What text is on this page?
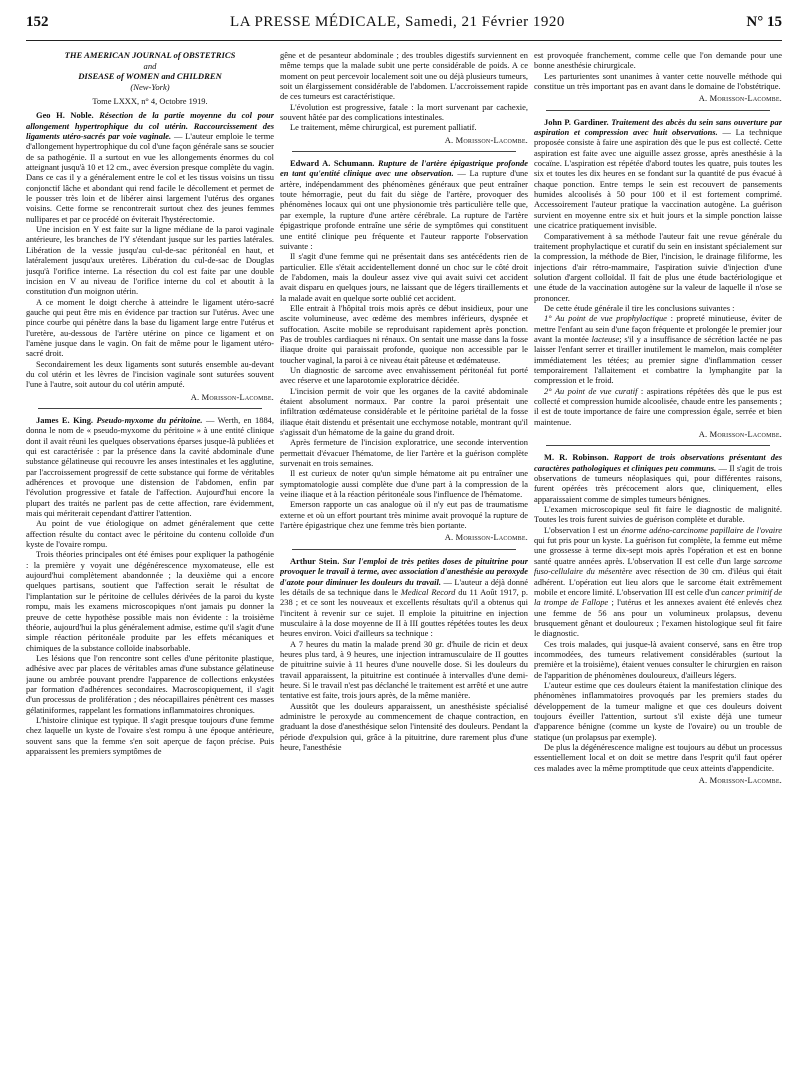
152	LA PRESSE MÉDICALE, Samedi, 21 Février 1920	N° 15
THE AMERICAN JOURNAL of OBSTETRICS
and
DISEASE of WOMEN and CHILDREN
(New-York)
Tome LXXX, n° 4, Octobre 1919.

Geo H. Noble. Résection de la partie moyenne du col pour allongement hypertrophique du col utérin. Raccourcissement des ligaments utéro-sacrés par voie vaginale. — L'auteur emploie le terme d'allongement hypertrophique du col d'une façon générale sans se soucier de sa pathogénie. Il a surtout en vue les allongements énormes du col atteignant jusqu'à 10 et 12 cm., avec éversion presque complète du vagin. Dans ce cas il y a généralement entre le col et les tissus voisins un tissu conjonctif lâche et abondant qui rend facile le décollement et permet de le pousser très loin et de libérer ainsi largement l'utérus des organes voisins. Cette forme se rencontrerait surtout chez des jeunes femmes nullipares et par ce procédé on éviterait l'hystérectomie.

Une incision en Y est faite sur la ligne médiane de la paroi vaginale antérieure, les branches de l'Y s'étendant jusque sur les parties latérales. Libération de la vessie jusqu'au cul-de-sac péritonéal en haut, et latéralement jusqu'aux uretères. Libération du cul-de-sac de Douglas jusqu'à l'orifice interne. La résection du col est faite par une double incision en V au niveau de l'orifice interne du col et aboutit à la constitution d'un moignon utérin.

A ce moment le doigt cherche à atteindre le ligament utéro-sacré gauche qui peut être mis en évidence par traction sur l'utérus. Avec une pince courbe qui pénètre dans la base du ligament large entre l'utérus et l'uretère, au-dessous de l'artère utérine on pince ce ligament et on l'amène jusque dans le vagin. On fait de même pour le ligament utéro-sacré droit.

Secondairement les deux ligaments sont suturés ensemble au-devant du col utérin et les lèvres de l'incision vaginale sont suturées souvent l'une à l'autre, soit autour du col utérin amputé.

A. Morisson-Lacombe.

James E. King. Pseudo-myxome du péritoine. — Werth, en 1884, donna le nom de « pseudo-myxome du péritoine » à une entité clinique dont il avait réuni les quelques observations éparses jusque-là publiées et qui est caractérisée : par la présence dans la cavité abdominale d'une substance gélatineuse qui recouvre les anses intestinales et les agglutine, par l'accroissement progressif de cette substance qui forme de véritables adhérences et provoque une distension de l'abdomen, enfin par l'évolution progressive et fatale de l'affection. Aujourd'hui encore la plupart des traités ne parlent pas de cette affection, rare évidemment, mais qui mériterait cependant d'attirer l'attention.

Au point de vue étiologique on admet généralement que cette affection résulte du contact avec le péritoine du contenu colloïde d'un kyste de l'ovaire rompu.

Trois théories principales ont été émises pour expliquer la pathogénie : la première y voyait une dégénérescence myxomateuse, elle est aujourd'hui complètement abandonnée ; la deuxième qui a encore quelques partisans, soutient que l'affection serait le résultat de l'implantation sur le péritoine de cellules dérivées de la paroi du kyste rompu, mais les examens microscopiques n'ont jamais pu donner la preuve de cette hypothèse possible mais non évidente : la troisième théorie, aujourd'hui la plus généralement admise, estime qu'il s'agit d'une simple réaction péritonéale produite par les effets mécaniques et chimiques de la substance colloïde inabsorbable.

Les lésions que l'on rencontre sont celles d'une péritonite plastique, adhésive avec par places de véritables amas d'une substance gélatineuse jaune ou ambrée pouvant prendre l'apparence de collections enkystées par formation d'adhérences secondaires. Macroscopiquement, il s'agit d'un processus de prolifération ; des néocapillaires pénètrent ces masses gélatiniformes, rappelant les formations inflammatoires chroniques.

L'histoire clinique est typique. Il s'agit presque toujours d'une femme chez laquelle un kyste de l'ovaire s'est rompu à une époque antérieure, souvent sans que la femme s'en soit aperçue de façon précise. Puis apparaissent les premiers symptômes de

gêne et de pesanteur abdominale ; des troubles digestifs surviennent en même temps que la malade subit une perte considérable de poids. A ce moment on peut percevoir localement soit une ou déjà plusieurs tumeurs, soit un élargissement considérable de l'abdomen. L'accroissement rapide de ces tumeurs est caractéristique.

L'évolution est progressive, fatale : la mort survenant par cachexie, souvent hâtée par des complications intestinales.

Le traitement, même chirurgical, est purement palliatif.

A. Morisson-Lacombe.

Edward A. Schumann. Rupture de l'artère épigastrique profonde en tant qu'entité clinique avec une observation. — La rupture d'une artère, indépendamment des phénomènes généraux que peut entraîner toute hémorragie, peut du fait du siège de l'artère, provoquer des phénomènes locaux qui ont une physionomie très particulière telle que, par exemple, la rupture d'une artère cérébrale. La rupture de l'artère épigastrique profonde entraîne une série de symptômes qui constituent une entité clinique peu fréquente et l'auteur rapporte l'observation suivante :

Il s'agit d'une femme qui ne présentait dans ses antécédents rien de particulier. Elle s'était accidentellement donné un choc sur le côté droit de l'abdomen, mais la douleur assez vive qui avait suivi cet accident avait disparu en quelques jours, ne laissant que de légers tiraillements et la malade avait en quelque sorte oublié cet accident.

Elle entrait à l'hôpital trois mois après ce début insidieux, pour une ascite volumineuse, avec œdème des membres inférieurs, dyspnée et suffocation. Ascite mobile se reproduisant rapidement après ponction. Pas de troubles cardiaques ni rénaux. On sentait une masse dans la fosse iliaque droite qui paraissait profonde, quoique non accessible par le toucher vaginal, la paroi à ce niveau était pâteuse et œdémateuse.

Un diagnostic de sarcome avec envahissement péritonéal fut porté avec réserve et une laparotomie exploratrice décidée.

L'incision permit de voir que les organes de la cavité abdominale étaient absolument normaux. Par contre la paroi présentait une infiltration œdémateuse considérable et le péritoine pariétal de la fosse iliaque était distendu et présentait une ecchymose notable, montrant qu'il s'agissait d'un hématome de la gaine du grand droit.

Après fermeture de l'incision exploratrice, une seconde intervention permettait d'évacuer l'hématome, de lier l'artère et la guérison complète survenait en trois semaines.

Il est curieux de noter qu'un simple hématome ait pu entraîner une symptomatologie aussi complète due d'une part à la compression de la veine iliaque et à la réaction péritonéale sous l'influence de l'hématome.

Emerson rapporte un cas analogue où il n'y eut pas de traumatisme externe et où un effort pourtant très minime avait provoqué la rupture de l'artère épigastrique chez une femme très bien portante.

A. Morisson-Lacombe.

Arthur Stein. Sur l'emploi de très petites doses de pituitrine pour provoquer le travail à terme, avec association d'anesthésie au peroxyde d'azote pour diminuer les douleurs du travail. — L'auteur a déjà donné les détails de sa technique dans le Medical Record du 11 Août 1917, p. 238 ; et ce sont les nouveaux et excellents résultats qu'il a obtenus qui l'incitent à revenir sur ce sujet. Il emploie la pituitrine en injection musculaire à la dose moyenne de II à III gouttes répétées toutes les deux heures environ. Voici d'ailleurs sa technique :

A 7 heures du matin la malade prend 30 gr. d'huile de ricin et deux heures plus tard, à 9 heures, une injection intramusculaire de II gouttes de pituitrine suivie à 11 heures d'une nouvelle dose. Si les douleurs du travail apparaissent, la pituitrine est continuée à intervalles d'une demi-heure. Si le travail n'est pas déclanché le traitement est arrêté et une autre tentative est faite, trois jours après, de la même manière.

Aussitôt que les douleurs apparaissent, un anesthésiste spécialisé administre le peroxyde au commencement de chaque contraction, en graduant la dose d'anesthésique selon l'intensité des douleurs. Pendant la période d'expulsion qui, grâce à la pituitrine, dure rarement plus d'une heure, l'anesthésie

est provoquée franchement, comme celle que l'on demande pour une bonne anesthésie chirurgicale.

Les parturientes sont unanimes à vanter cette nouvelle méthode qui constitue un très important pas en avant dans le domaine de l'obstétrique.

A. Morisson-Lacombe.

John P. Gardiner. Traitement des abcès du sein sans ouverture par aspiration et compression avec huit observations. — La technique proposée consiste à faire une aspiration dès que le pus est collecté. Cette aspiration est faite avec une aiguille assez grosse, après anesthésie à la cocaïne. L'aspiration est répétée d'abord toutes les quatre, puis toutes les six et toutes les dix heures en se fondant sur la quantité de pus évacué à chaque ponction. Entre temps le sein est recouvert de pansements humides alcoolisés à 50 pour 100 et il est fortement comprimé. Accessoirement l'auteur pratique la vaccination autogène. La guérison survient en moyenne entre six et huit jours et la simple ponction laisse une cicatrice pratiquement invisible.

Comparativement à sa méthode l'auteur fait une revue générale du traitement prophylactique et curatif du sein en insistant spécialement sur la compression, la méthode de Bier, l'incision, le drainage filiforme, les injections d'air rétro-mammaire, l'aspiration suivie d'injection d'une solution d'argent colloïdal. Il fait de plus une étude bactériologique et une étude de la vaccination autogène sur la valeur de laquelle il n'ose se prononcer.

De cette étude générale il tire les conclusions suivantes :

1° Au point de vue prophylactique : propreté minutieuse, éviter de mettre l'enfant au sein d'une façon fréquente et prolongée le premier jour avant la montée lacteuse; s'il y a insuffisance de sécrétion lactée ne pas laisser l'enfant serrer et tirailler inutilement le mamelon, mais compléter immédiatement les tétées; au premier signe d'inflammation cesser temporairement l'allaitement et combattre la lymphangite par la compression et le froid.

2° Au point de vue curatif : aspirations répétées dès que le pus est collecté et compression humide alcoolisée, chaude entre les pansements ; il est de toute importance de faire une compression égale, serrée et bien maintenue.

A. Morisson-Lacombe.

M. R. Robinson. Rapport de trois observations présentant des caractères pathologiques et cliniques peu communs. — Il s'agit de trois observations de tumeurs néoplasiques qui, pour différentes raisons, furent opérées très précocement alors que, cliniquement, elles apparaissaient comme de simples tumeurs bénignes.

L'examen microscopique seul fit faire le diagnostic de malignité. Toutes les trois furent suivies de guérison complète et durable.

L'observation I est un énorme adéno-carcinome papillaire de l'ovaire qui fut pris pour un kyste. La guérison fut complète, la femme eut même une grossesse à terme dix-sept mois après l'opération et est en bonne santé quatre années après. L'observation II est celle d'un large sarcome fuso-cellulaire du mésentère avec résection de 30 cm. d'iléus qui était adhérent. L'opération eut lieu alors que le sarcome était extrêmement mobile et encore limité. L'observation III est celle d'un cancer primitif de la trompe de Fallope ; l'utérus et les annexes avaient été enlevés chez une femme de 56 ans pour un volumineux prolapsus, devenu brusquement gênant et douloureux ; l'examen histologique seul fit faire le diagnostic.

Ces trois malades, qui jusque-là avaient conservé, sans en être trop incommodées, des tumeurs relativement considérables (surtout la première et la troisième), étaient venues consulter le chirurgien en raison de l'apparition de phénomènes douloureux, d'ailleurs légers.

L'auteur estime que ces douleurs étaient la manifestation clinique des phénomènes inflammatoires provoqués par les premiers stades du développement de la tumeur maligne et que ces douleurs doivent toujours éveiller l'attention, surtout s'il existe déjà une tumeur d'apparence bénigne (comme un kyste de l'ovaire) ou un trouble de statique (un prolapsus par exemple).

De plus la dégénérescence maligne est toujours au début un processus essentiellement local et on doit se mettre dans l'esprit qu'il faut opérer ces malades avec la même promptitude que ceux atteints d'appendicite.

A. Morisson-Lacombe.
